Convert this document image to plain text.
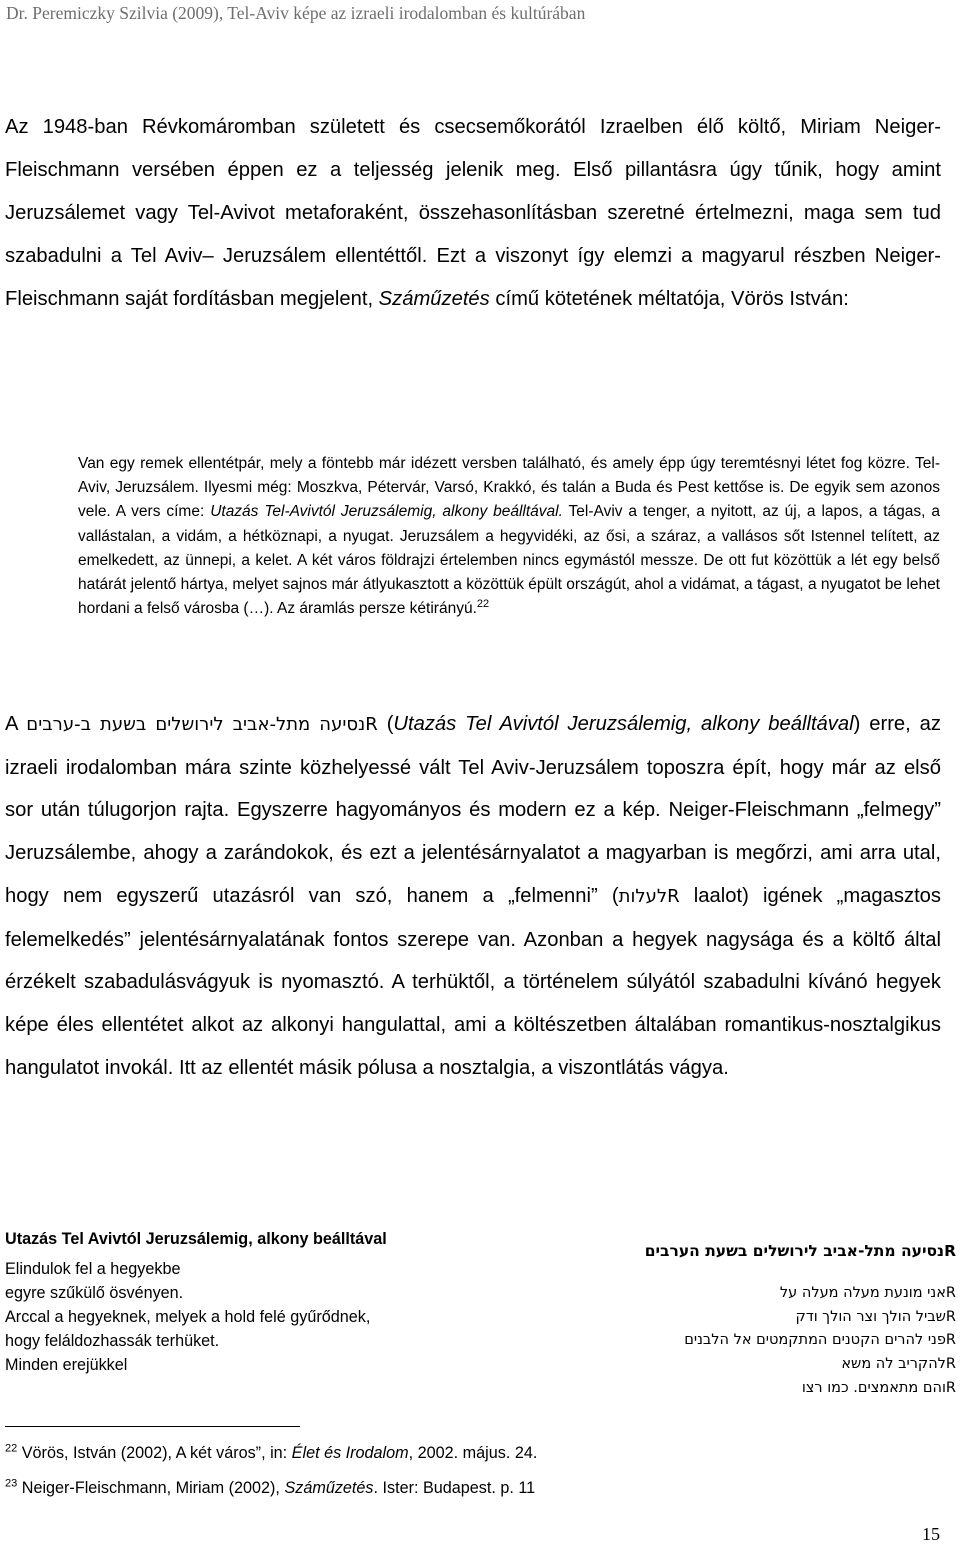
Dr. Peremiczky Szilvia (2009), Tel-Aviv képe az izraeli irodalomban és kultúrában

Az 1948-ban Révkomáromban született és csecsemőkorától Izraelben élő költő, Miriam Neiger-Fleischmann versében éppen ez a teljesség jelenik meg. Első pillantásra úgy tűnik, hogy amint Jeruzsálemet vagy Tel-Avivot metaforaként, összehasonlításban szeretné értelmezni, maga sem tud szabadulni a Tel Aviv– Jeruzsálem ellentéttől. Ezt a viszonyt így elemzi a magyarul részben Neiger-Fleischmann saját fordításban megjelent, Száműzetés című kötetének méltatója, Vörös István:

Van egy remek ellentétpár, mely a föntebb már idézett versben található, és amely épp úgy teremtésnyi létet fog közre. Tel-Aviv, Jeruzsálem. Ilyesmi még: Moszkva, Pétervár, Varsó, Krakkó, és talán a Buda és Pest kettőse is. De egyik sem azonos vele. A vers címe: Utazás Tel-Avivtól Jeruzsálemig, alkony beálltával. Tel-Aviv a tenger, a nyitott, az új, a lapos, a tágas, a vallástalan, a vidám, a hétköznapi, a nyugat. Jeruzsálem a hegyvidéki, az ősi, a száraz, a vallásos sőt Istennel telített, az emelkedett, az ünnepi, a kelet. A két város földrajzi értelemben nincs egymástól messze. De ott fut közöttük a lét egy belső határát jelentő hártya, melyet sajnos már átlyukasztott a közöttük épült országút, ahol a vidámat, a tágast, a nyugatot be lehet hordani a felső városba (…). Az áramlás persze kétirányú.$^{22}$

A Rנסיעה מתל-אביב לירושלים בשעת ב-ערבים (Utazás Tel Avivtól Jeruzsálemig, alkony beálltával) erre, az izraeli irodalomban mára szinte közhelyessé vált Tel Aviv-Jeruzsálem toposzra épít, hogy már az első sor után túlugorjon rajta. Egyszerre hagyományos és modern ez a kép. Neiger-Fleischmann „felmegy” Jeruzsálembe, ahogy a zarándokok, és ezt a jelentésárnyalatot a magyarban is megőrzi, ami arra utal, hogy nem egyszerű utazásról van szó, hanem a „felmenni” (Rלעלות laalot) igének „magasztos felemelkedés” jelentésárnyalatának fontos szerepe van. Azonban a hegyek nagysága és a költő által érzékelt szabadulásvágyuk is nyomasztó. A terhüktől, a történelem súlyától szabadulni kívánó hegyek képe éles ellentétet alkot az alkonyi hangulattal, ami a költészetben általában romantikus-nosztalgikus hangulatot invokál. Itt az ellentét másik pólusa a nosztalgia, a viszontlátás vágya.

Utazás Tel Avivtól Jeruzsálemig, alkony beálltával
Elindulok fel a hegyekbe
egyre szűkülő ösvényen.
Arccal a hegyeknek, melyek a hold felé gyűrődnek,
hogy feláldozhassák terhüket.
Minden erejükkel
Rנסיעה מתל-אביב לירושלים בשעת הערבים
Rאני מונעת מעלה מעלה על
Rשביל הולך וצר הולך ודק
Rפני להרים הקטנים המתקמטים אל הלבנים
Rלהקריב לה משא
Rוהם מתאמצים. כמו רצו
$^{22}$ Vörös, István (2002), A két város”, in: Élet és Irodalom, 2002. május. 24.
$^{23}$ Neiger-Fleischmann, Miriam (2002), Száműzetés. Ister: Budapest. p. 11
15
